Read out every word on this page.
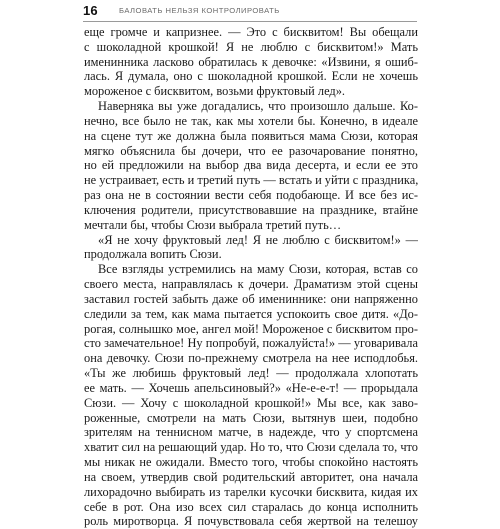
16	БАЛОВАТЬ НЕЛЬЗЯ КОНТРОЛИРОВАТЬ
еще громче и капризнее. — Это с бисквитом! Вы обещали
с шоколадной крошкой! Я не люблю с бисквитом!» Мать
именинника ласково обратилась к девочке: «Извини, я ошиб-
лась. Я думала, оно с шоколадной крошкой. Если не хочешь
мороженое с бисквитом, возьми фруктовый лед».
Наверняка вы уже догадались, что произошло дальше. Ко-
нечно, все было не так, как мы хотели бы. Конечно, в идеале
на сцене тут же должна была появиться мама Сюзи, которая
мягко объяснила бы дочери, что ее разочарование понятно,
но ей предложили на выбор два вида десерта, и если ее это
не устраивает, есть и третий путь — встать и уйти с праздника,
раз она не в состоянии вести себя подобающе. И все без ис-
ключения родители, присутствовавшие на празднике, втайне
мечтали бы, чтобы Сюзи выбрала третий путь…
«Я не хочу фруктовый лед! Я не люблю с бисквитом!» —
продолжала вопить Сюзи.
Все взгляды устремились на маму Сюзи, которая, встав со
своего места, направлялась к дочери. Драматизм этой сцены
заставил гостей забыть даже об имениннике: они напряженно
следили за тем, как мама пытается успокоить свое дитя. «До-
рогая, солнышко мое, ангел мой! Мороженое с бисквитом про-
сто замечательное! Ну попробуй, пожалуйста!» — уговаривала
она девочку. Сюзи по-прежнему смотрела на нее исподлобья.
«Ты же любишь фруктовый лед! — продолжала хлопотать
ее мать. — Хочешь апельсиновый?» «Не-е-е-т! — прорыдала
Сюзи. — Хочу с шоколадной крошкой!» Мы все, как заво-
роженные, смотрели на мать Сюзи, вытянув шеи, подобно
зрителям на теннисном матче, в надежде, что у спортсмена
хватит сил на решающий удар. Но то, что Сюзи сделала то, что
мы никак не ожидали. Вместо того, чтобы спокойно настоять
на своем, утвердив свой родительский авторитет, она начала
лихорадочно выбирать из тарелки кусочки бисквита, кидая их
себе в рот. Она изо всех сил старалась до конца исполнить
роль миротворца. Я почувствовала себя жертвой на телешоу
